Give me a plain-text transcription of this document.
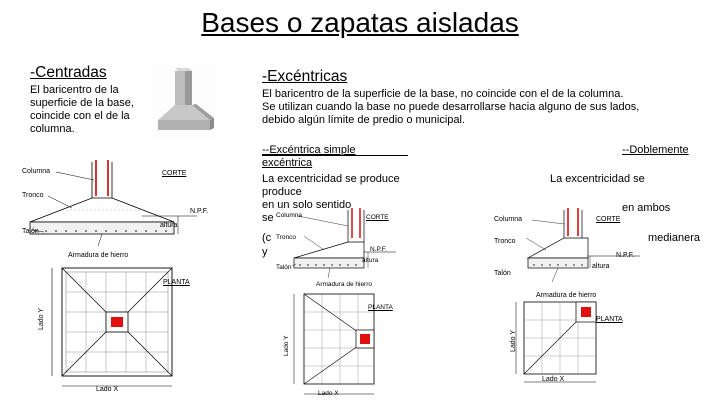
Bases o zapatas aisladas
-Centradas
El baricentro de la
superficie de la base,
coincide con el de la
columna.
-Excéntricas
El baricentro de la superficie de la base, no coincide con el de la columna.
Se utilizan cuando la base no puede desarrollarse hacia alguno de sus lados,
debido algún límite de predio o municipal.
--Excéntrica simple
excéntrica
La excentricidad se produce
produce
en un solo sentido
se
(c
y
--Doblemente
La excentricidad se
en ambos
medianera
Columna
Tronco
Talón
CORTE
N.P.F.
altura
Armadura de hierro
PLANTA
Lado Y
Lado X
Columna
Tronco
Talón
CORTE
N.P.F.
altura
Armadura de hierro
PLANTA
Lado Y
Lado X
Columna	CORTE
Tronco
N.P.F.
altura
Talón
Armadura de hierro
PLANTA
Lado Y
Lado X
